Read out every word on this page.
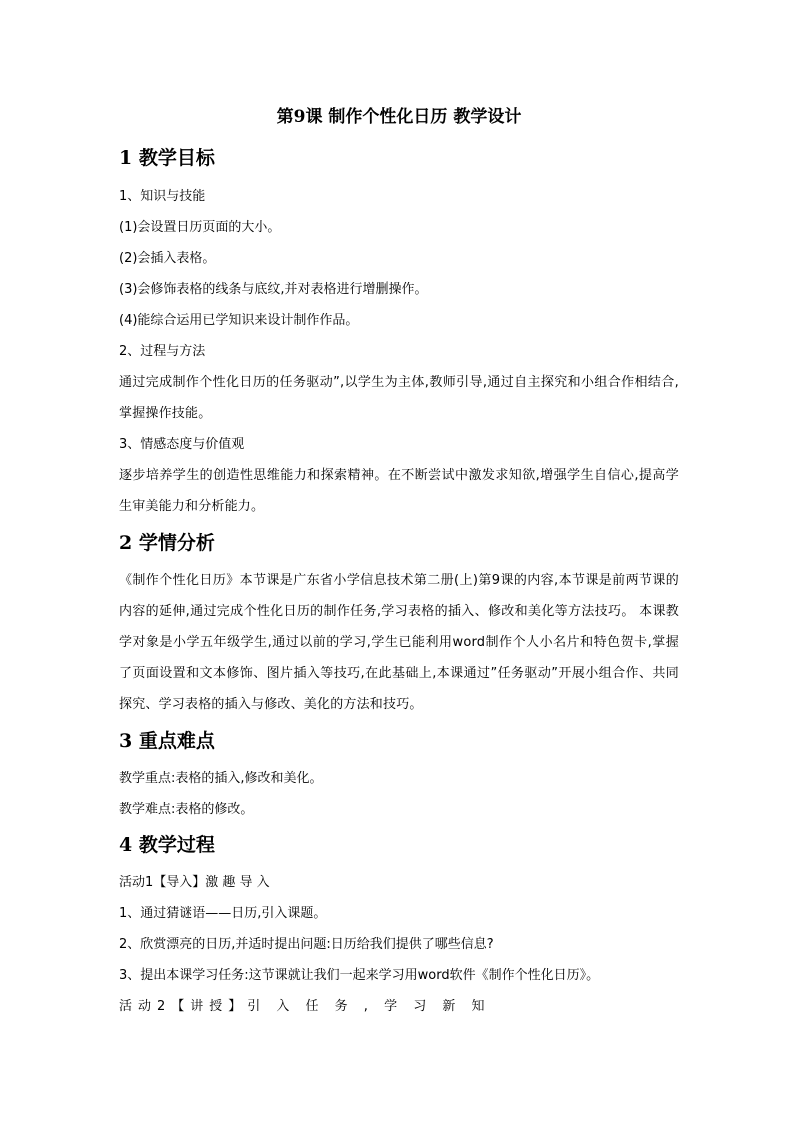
第9课 制作个性化日历 教学设计
1 教学目标
1、知识与技能
(1)会设置日历页面的大小。
(2)会插入表格。
(3)会修饰表格的线条与底纹,并对表格进行增删操作。
(4)能综合运用已学知识来设计制作作品。
2、过程与方法
通过完成制作个性化日历的任务驱动”,以学生为主体,教师引导,通过自主探究和小组合作相结合,掌握操作技能。
3、情感态度与价值观
逐步培养学生的创造性思维能力和探索精神。在不断尝试中激发求知欲,增强学生自信心,提高学生审美能力和分析能力。
2 学情分析
《制作个性化日历》本节课是广东省小学信息技术第二册(上)第9课的内容,本节课是前两节课的内容的延伸,通过完成个性化日历的制作任务,学习表格的插入、修改和美化等方法技巧。 本课教学对象是小学五年级学生,通过以前的学习,学生已能利用word制作个人小名片和特色贺卡,掌握了页面设置和文本修饰、图片插入等技巧,在此基础上,本课通过”任务驱动”开展小组合作、共同探究、学习表格的插入与修改、美化的方法和技巧。
3 重点难点
教学重点:表格的插入,修改和美化。
教学难点:表格的修改。
4 教学过程
活动1【导入】激 趣 导 入
1、通过猜谜语——日历,引入课题。
2、欣赏漂亮的日历,并适时提出问题:日历给我们提供了哪些信息?
3、提出本课学习任务:这节课就让我们一起来学习用word软件《制作个性化日历》。
活动2【讲授】引 入 任 务 , 学 习 新 知
